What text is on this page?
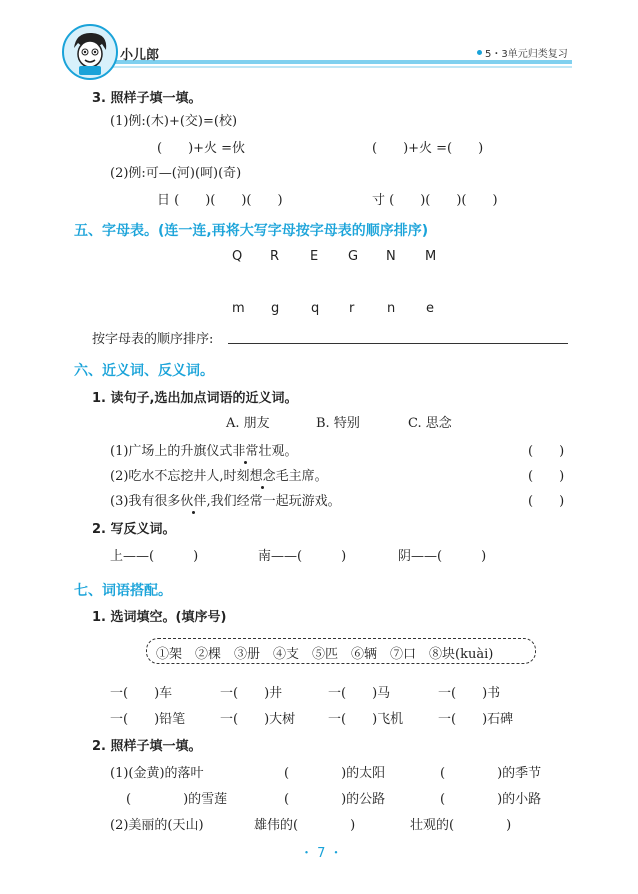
小儿郎	5・3单元归类复习
3. 照样子填一填。
(1)例:(木)+(交)=(校)
(　　)+火 =伙	(　　)+火 =(　　)
(2)例:可—(河)(呵)(奇)
日 (　　)(　　)(　　)	寸 (　　)(　　)(　　)
五、字母表。(连一连,再将大写字母按字母表的顺序排序)
Q R E G N M
m g q r	n e
按字母表的顺序排序:
六、近义词、反义词。
1. 读句子,选出加点词语的近义词。
A. 朋友	B. 特别	C. 思念
(1)广场上的升旗仪式非常壮观。	(　　)
(2)吃水不忘挖井人,时刻想念毛主席。	(　　)
(3)我有很多伙伴,我们经常一起玩游戏。	(　　)
2. 写反义词。
上——(　　　)	南——(　　　)	阴——(　　　)
七、词语搭配。
1. 选词填空。(填序号)
①架　②棵　③册　④支　⑤匹　⑥辆　⑦口　⑧块(kuài)
一(　　)车	一(　　)井	一(　　)马	一(　　)书
一(　　)铅笔	一(　　)大树	一(　　)飞机	一(　　)石碑
2. 照样子填一填。
(1)(金黄)的落叶	(　　　　)的太阳	(　　　　)的季节
(　　　　)的雪莲	(　　　　)的公路	(　　　　)的小路
(2)美丽的(天山)	雄伟的(　　　　)	壮观的(　　　　)
・ 7 ・
